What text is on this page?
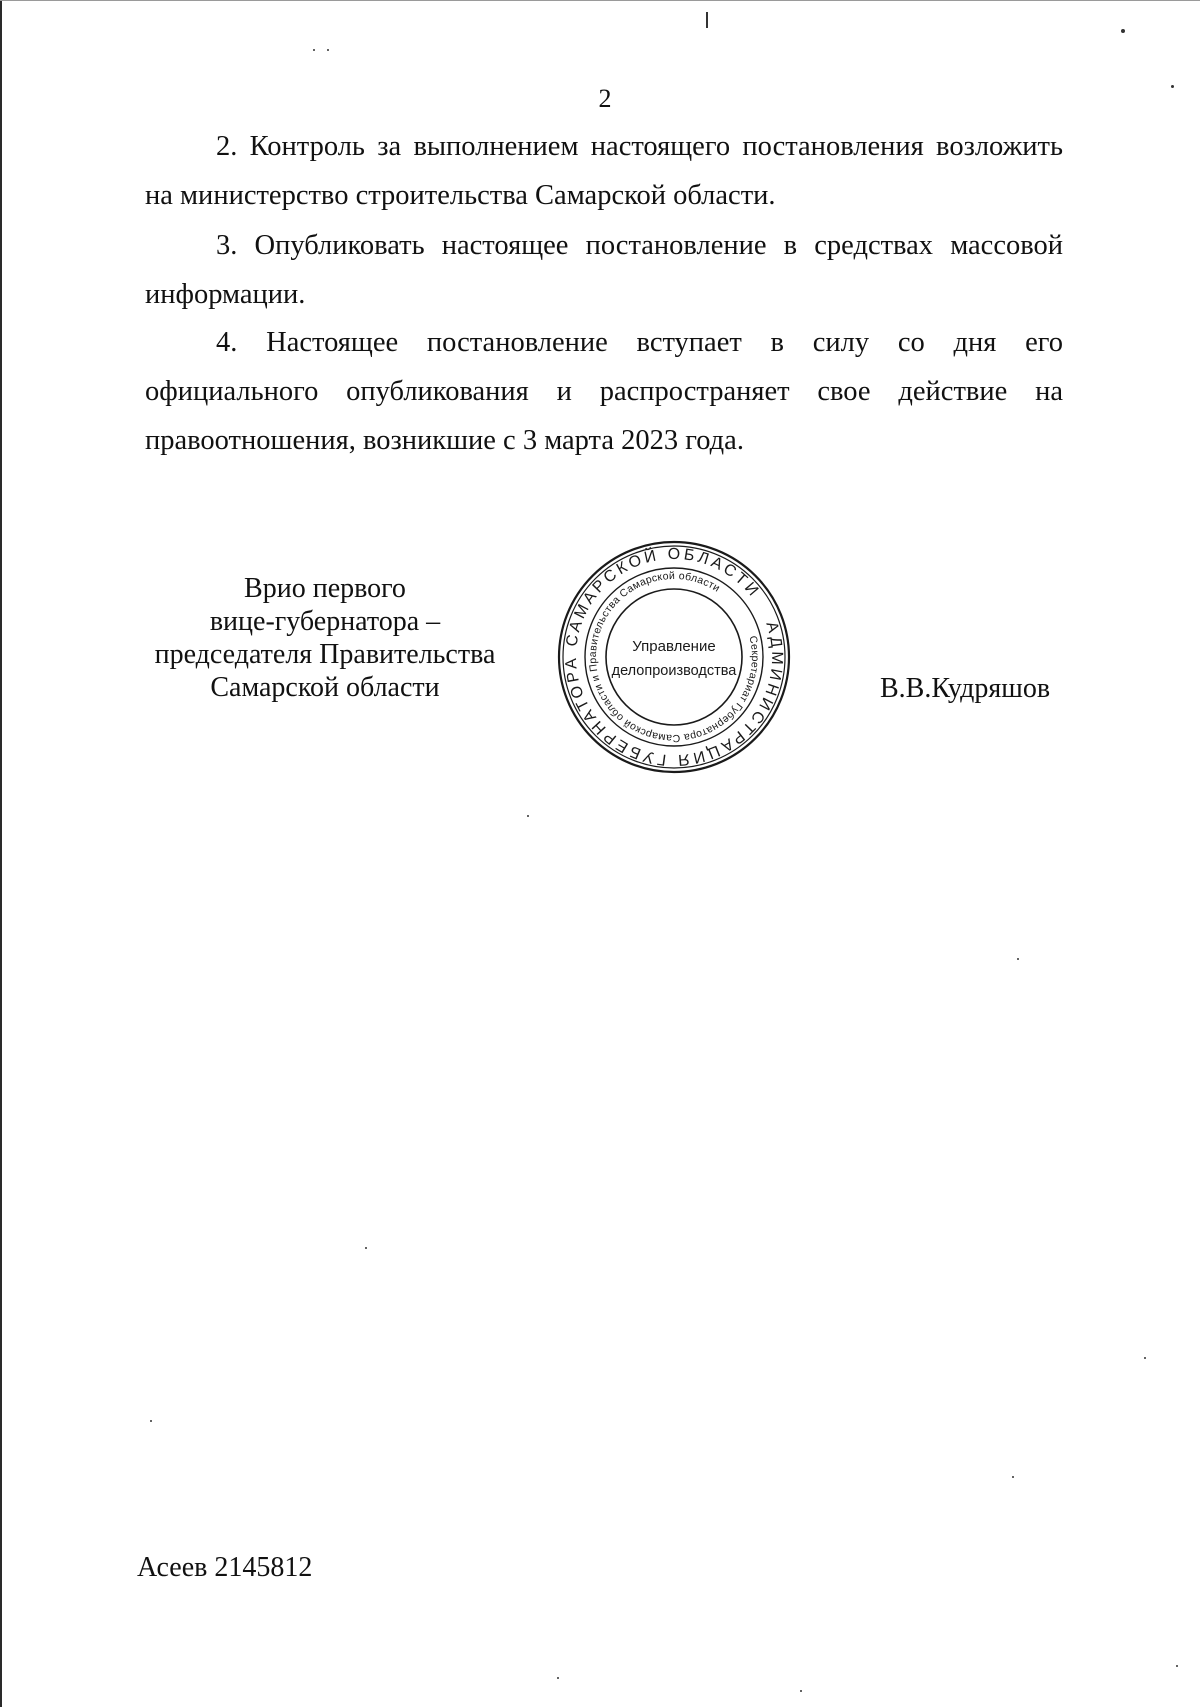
2
2. Контроль за выполнением настоящего постановления возложить на министерство строительства Самарской области.
3. Опубликовать настоящее постановление в средствах массовой информации.
4. Настоящее постановление вступает в силу со дня его официального опубликования и распространяет свое действие на правоотношения, возникшие с 3 марта 2023 года.
Врио первого
вице-губернатора –
председателя Правительства
Самарской области
АДМИНИСТРАЦИЯ ГУБЕРНАТОРА САМАРСКОЙ ОБЛАСТИ
Секретариат Губернатора Самарской области и Правительства Самарской области
Управление
делопроизводства
В.В.Кудряшов
Асеев 2145812
